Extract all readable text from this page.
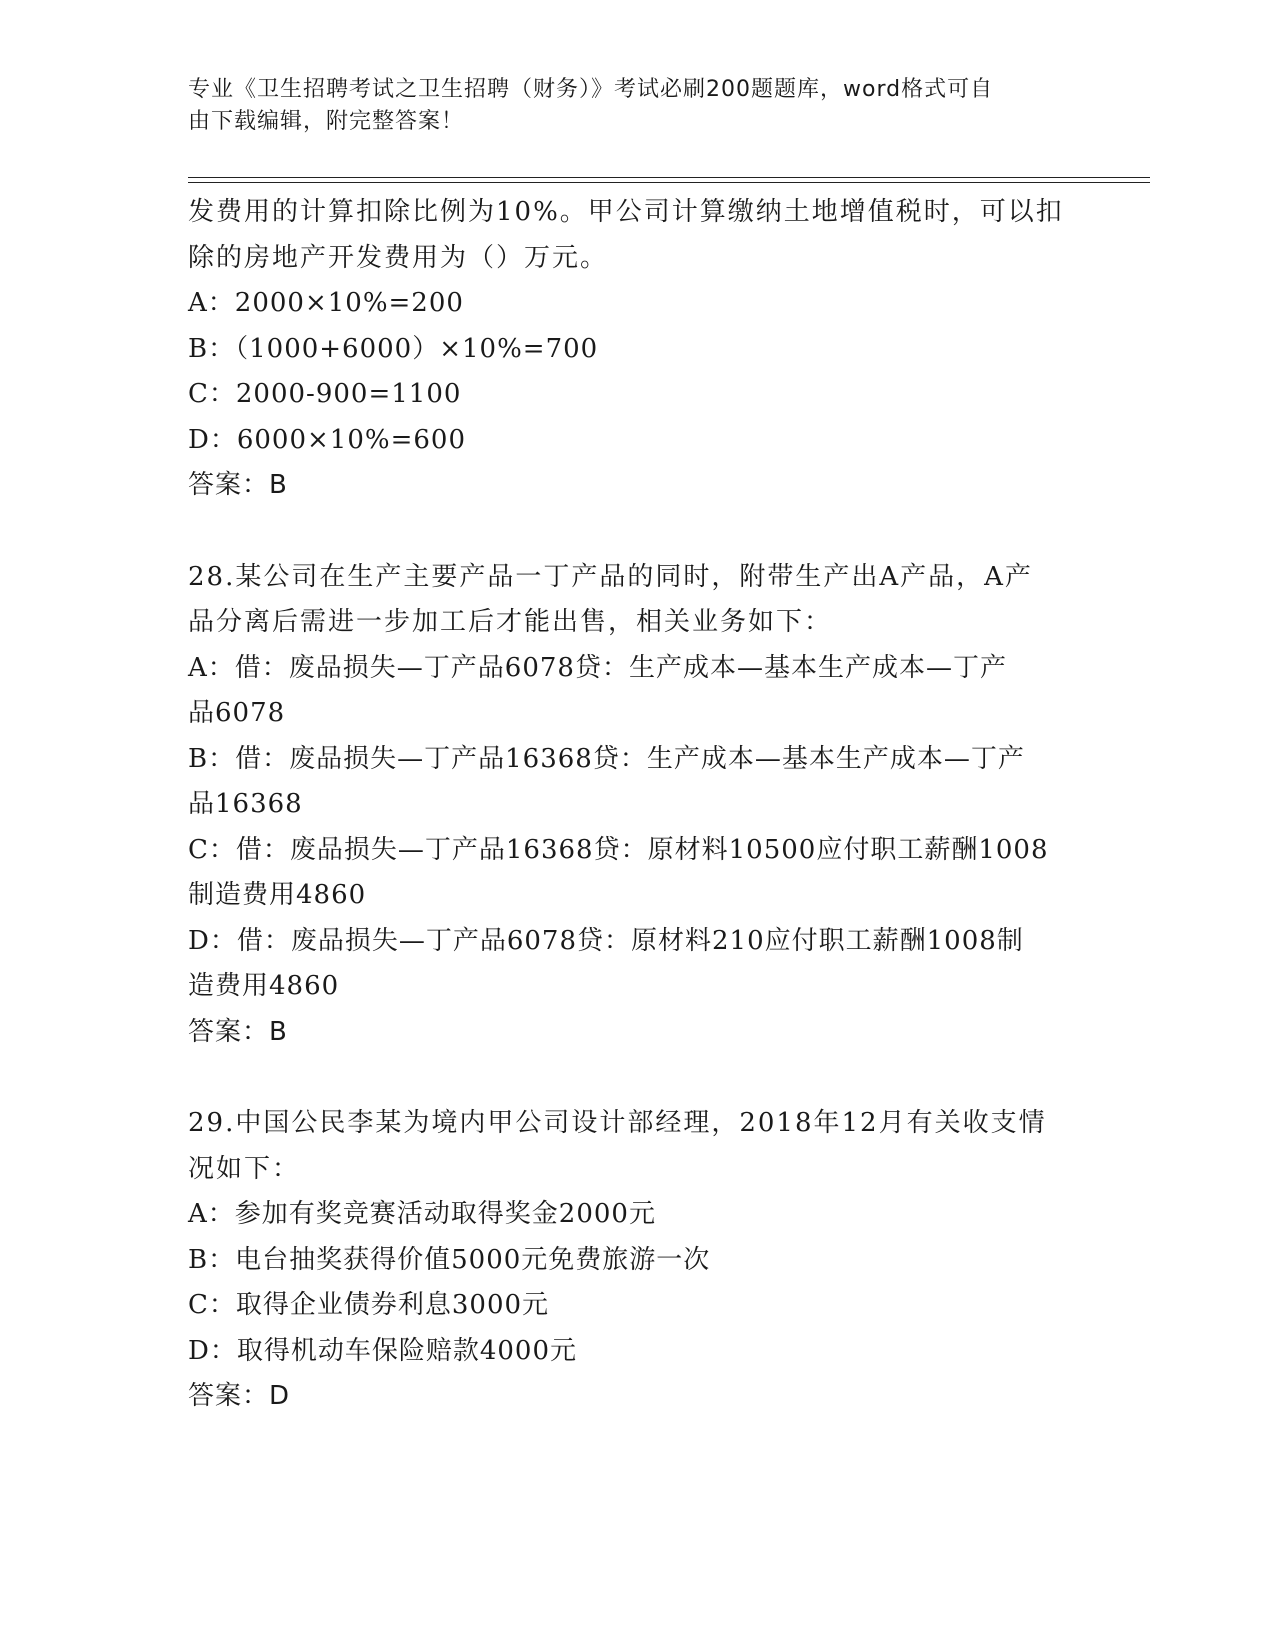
专业《卫生招聘考试之卫生招聘（财务）》考试必刷200题题库，word格式可自
由下载编辑，附完整答案！

发费用的计算扣除比例为10%。甲公司计算缴纳土地增值税时，可以扣

除的房地产开发费用为（）万元。

A：2000×10%=200

B：（1000+6000）×10%=700

C：2000-900=1100

D：6000×10%=600

答案：B

28.某公司在生产主要产品一丁产品的同时，附带生产出A产品，A产

品分离后需进一步加工后才能出售，相关业务如下：

A：借：废品损失—丁产品6078贷：生产成本—基本生产成本—丁产

品6078

B：借：废品损失—丁产品16368贷：生产成本—基本生产成本—丁产

品16368

C：借：废品损失—丁产品16368贷：原材料10500应付职工薪酬1008

制造费用4860

D：借：废品损失—丁产品6078贷：原材料210应付职工薪酬1008制

造费用4860

答案：B

29.中国公民李某为境内甲公司设计部经理，2018年12月有关收支情

况如下：

A：参加有奖竞赛活动取得奖金2000元

B：电台抽奖获得价值5000元免费旅游一次

C：取得企业债券利息3000元

D：取得机动车保险赔款4000元

答案：D
